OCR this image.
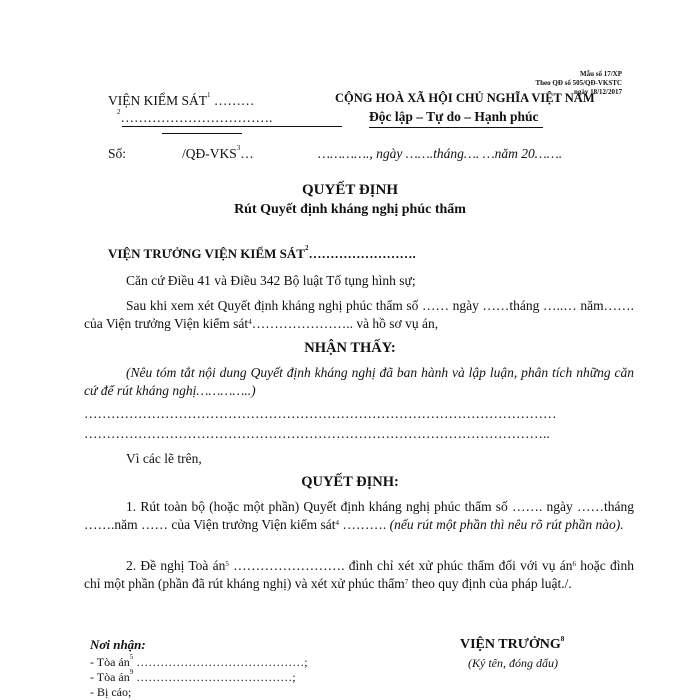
Mẫu số 17/XP
Theo QĐ số 505/QĐ-VKSTC
ngày 18/12/2017
VIỆN KIỂM SÁT$^1$ ………
$^2$…………………………….
CỘNG HOÀ XÃ HỘI CHỦ NGHĨA VIỆT NAM
Độc lập – Tự do – Hạnh phúc
Số:	/QĐ-VKS$^3$…	…………., ngày …….tháng…. …năm 20…….
QUYẾT ĐỊNH
Rút Quyết định kháng nghị phúc thẩm
VIỆN TRƯỞNG VIỆN KIỂM SÁT$^2$…………………….
Căn cứ Điều 41 và Điều 342 Bộ luật Tố tụng hình sự;
Sau khi xem xét Quyết định kháng nghị phúc thẩm số …… ngày ……tháng …..… năm……. của Viện trưởng Viện kiểm sát$^4$………………….. và hồ sơ vụ án,
NHẬN THẤY:
(Nêu tóm tắt nội dung Quyết định kháng nghị đã ban hành và lập luận, phân tích những căn cứ để rút kháng nghị…………..)
……………………………………………………………………………………………
…………………………………………………………………………………………..
Vì các lẽ trên,
QUYẾT ĐỊNH:
1. Rút toàn bộ (hoặc một phần) Quyết định kháng nghị phúc thẩm số ……. ngày ……tháng …….năm …… của Viện trưởng Viện kiểm sát$^4$ ………. (nếu rút một phần thì nêu rõ rút phần nào).
2. Đề nghị Toà $án^5$ ……………………. đình chỉ xét xử phúc thẩm đối với vụ $án^6$ hoặc đình chỉ một phần (phần đã rút kháng nghị) và xét xử phúc thẩm$^7$ theo quy định của pháp luật./.
Nơi nhận:
- Tòa $án^5$ ……………………………………;
- Tòa $án^9$ …………………………………;
- Bị cáo;
VIỆN TRƯỞNG$^8$
(Ký tên, đóng dấu)
